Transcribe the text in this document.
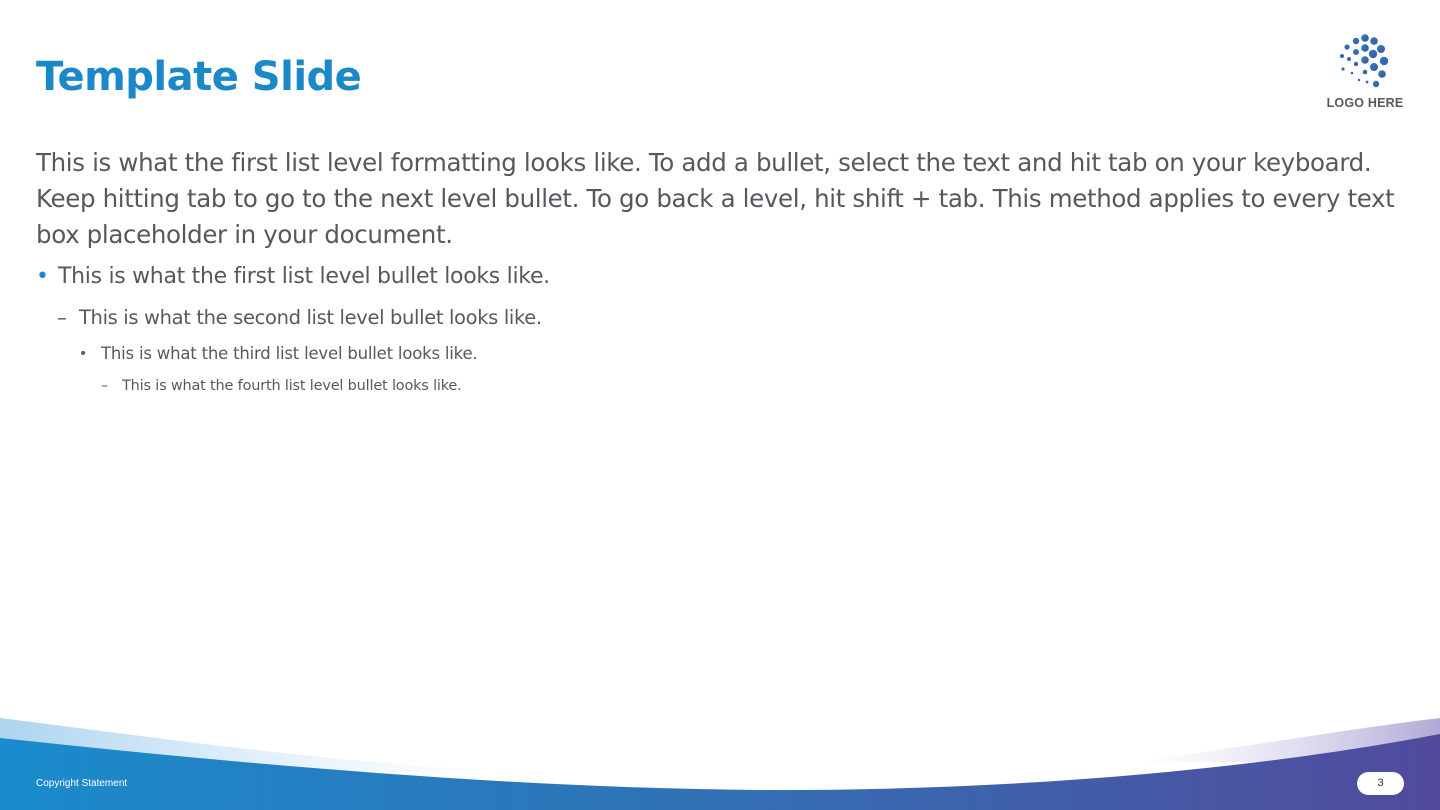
Template Slide
LOGO HERE

This is what the first list level formatting looks like. To add a bullet, select the text and hit tab on your keyboard. Keep hitting tab to go to the next level bullet. To go back a level, hit shift + tab. This method applies to every text box placeholder in your document.

• This is what the first list level bullet looks like.
– This is what the second list level bullet looks like.
• This is what the third list level bullet looks like.
– This is what the fourth list level bullet looks like.
Copyright Statement	3
